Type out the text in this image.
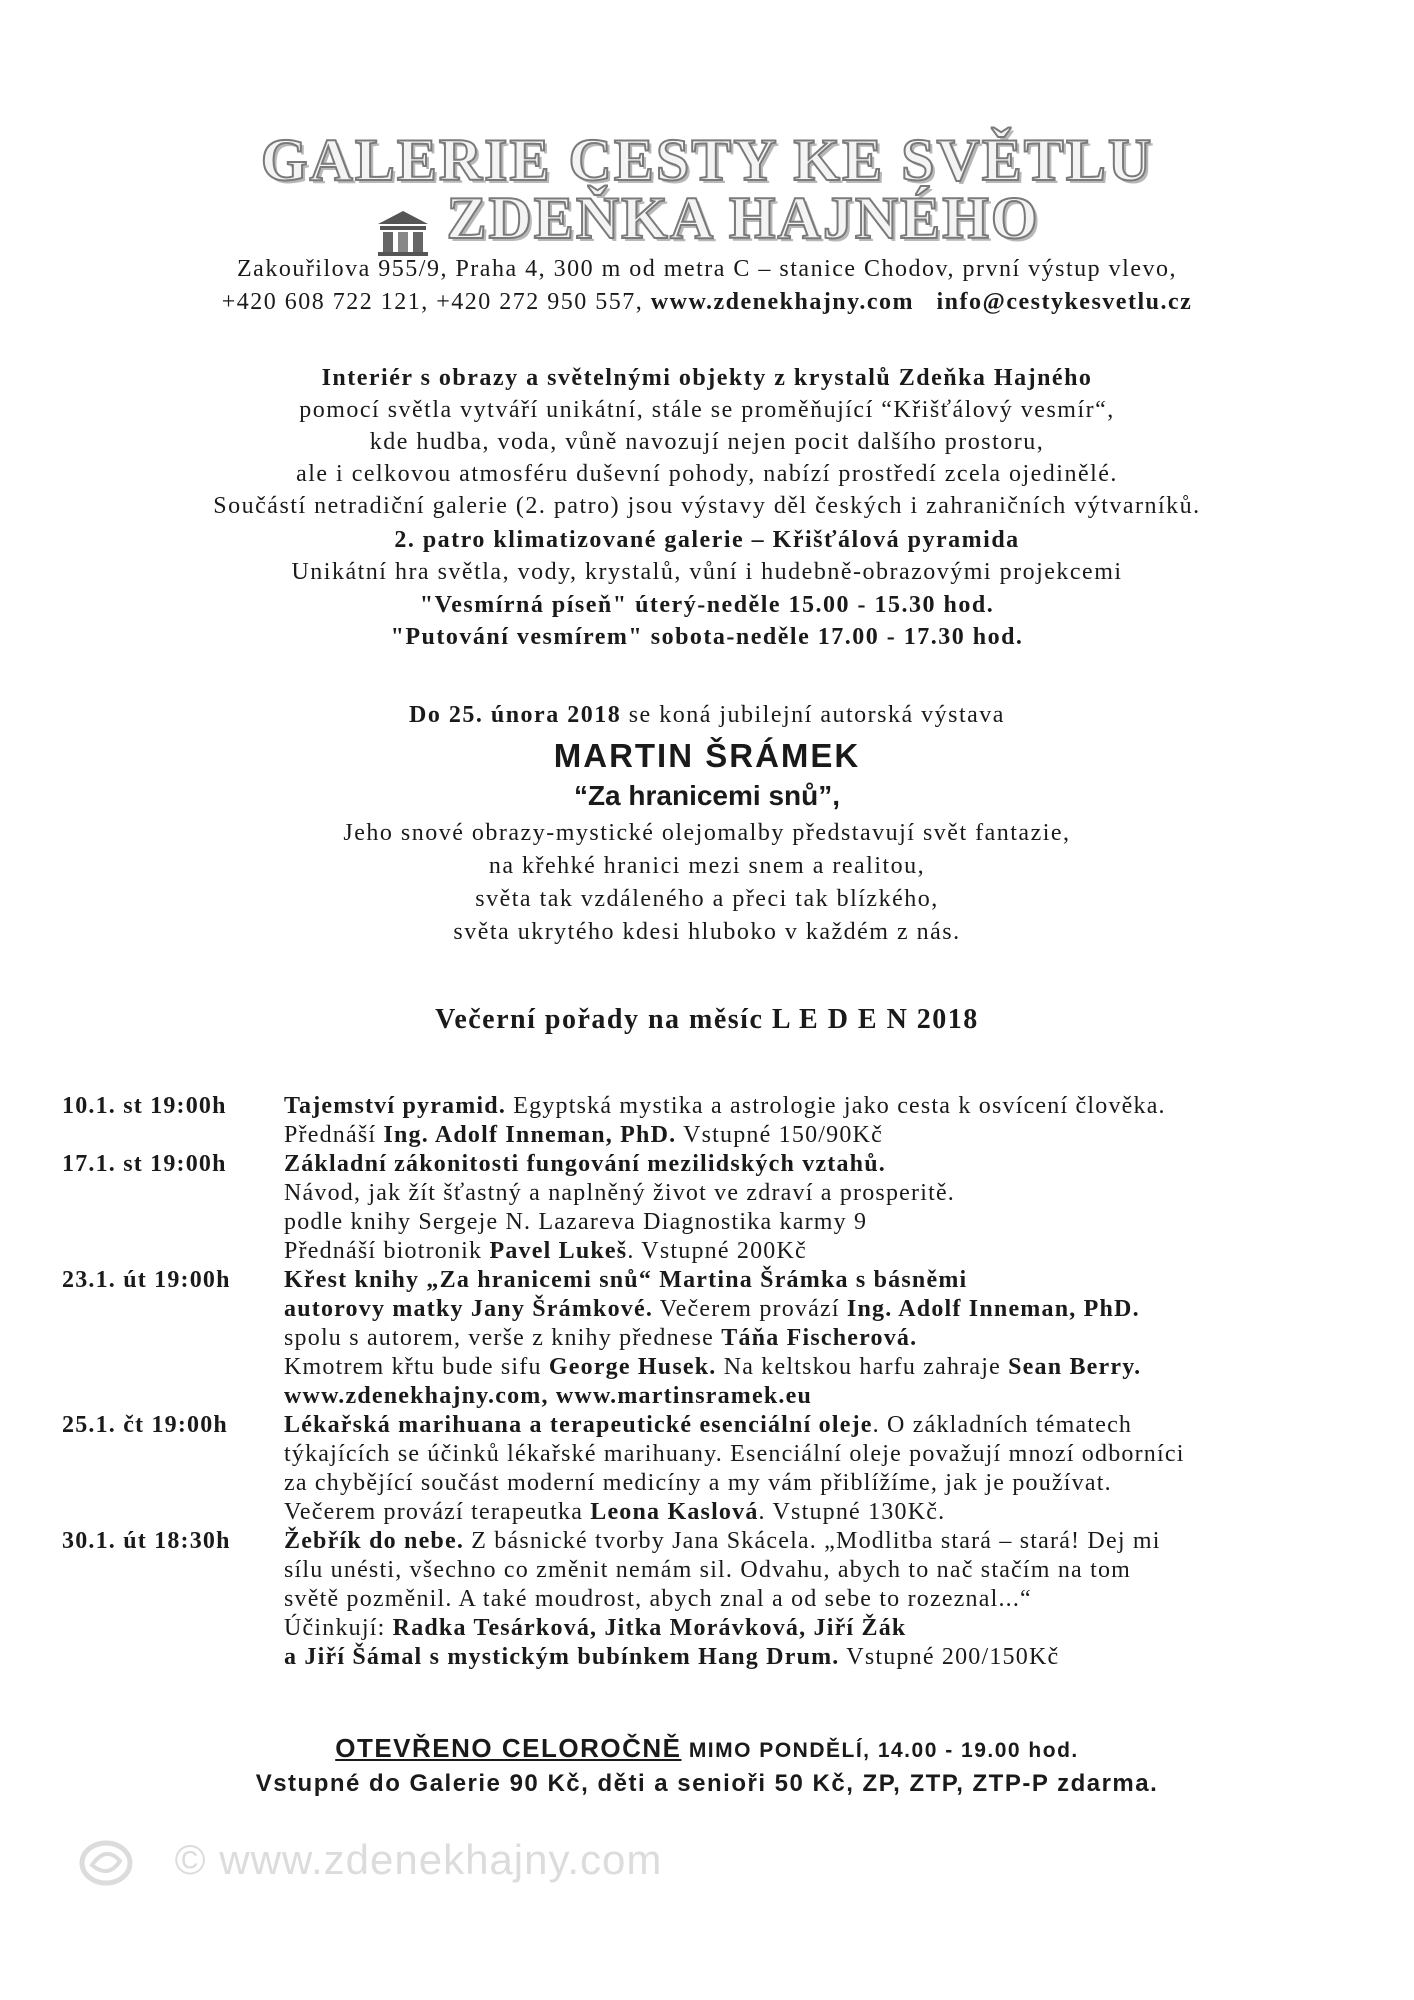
GALERIE CESTY KE SVĚTLU
ZDEŇKA HAJNÉHO
Zakouřilova 955/9, Praha 4, 300 m od metra C – stanice Chodov, první výstup vlevo,
+420 608 722 121, +420 272 950 557, www.zdenekhajny.com info@cestykesvetlu.cz
Interiér s obrazy a světelnými objekty z krystalů Zdeňka Hajného
pomocí světla vytváří unikátní, stále se proměňující “Křišťálový vesmír“,
kde hudba, voda, vůně navozují nejen pocit dalšího prostoru,
ale i celkovou atmosféru duševní pohody, nabízí prostředí zcela ojedinělé.
Součástí netradiční galerie (2. patro) jsou výstavy děl českých i zahraničních výtvarníků.
2. patro klimatizované galerie – Křišťálová pyramida
Unikátní hra světla, vody, krystalů, vůní i hudebně-obrazovými projekcemi
"Vesmírná píseň" úterý-neděle 15.00 - 15.30 hod.
"Putování vesmírem" sobota-neděle 17.00 - 17.30 hod.
Do 25. února 2018 se koná jubilejní autorská výstava
MARTIN ŠRÁMEK
“Za hranicemi snů”,
Jeho snové obrazy-mystické olejomalby představují svět fantazie,
na křehké hranici mezi snem a realitou,
světa tak vzdáleného a přeci tak blízkého,
světa ukrytého kdesi hluboko v každém z nás.
Večerní pořady na měsíc L E D E N 2018
10.1. st 19:00h	Tajemství pyramid. Egyptská mystika a astrologie jako cesta k osvícení člověka.
Přednáší Ing. Adolf Inneman, PhD. Vstupné 150/90Kč
17.1. st 19:00h	Základní zákonitosti fungování mezilidských vztahů.
Návod, jak žít šťastný a naplněný život ve zdraví a prosperitě.
podle knihy Sergeje N. Lazareva Diagnostika karmy 9
Přednáší biotronik Pavel Lukeš. Vstupné 200Kč
23.1. út 19:00h	Křest knihy „Za hranicemi snů“ Martina Šrámka s básněmi
autorovy matky Jany Šrámkové. Večerem provází Ing. Adolf Inneman, PhD.
spolu s autorem, verše z knihy přednese Táňa Fischerová.
Kmotrem křtu bude sifu George Husek. Na keltskou harfu zahraje Sean Berry.
www.zdenekhajny.com, www.martinsramek.eu
25.1. čt 19:00h	Lékařská marihuana a terapeutické esenciální oleje. O základních tématech
týkajících se účinků lékařské marihuany. Esenciální oleje považují mnozí odborníci
za chybějící součást moderní medicíny a my vám přiblížíme, jak je používat.
Večerem provází terapeutka Leona Kaslová. Vstupné 130Kč.
30.1. út 18:30h	Žebřík do nebe. Z básnické tvorby Jana Skácela. „Modlitba stará – stará! Dej mi
sílu unésti, všechno co změnit nemám sil. Odvahu, abych to nač stačím na tom
světě pozměnil. A také moudrost, abych znal a od sebe to rozeznal...“
Účinkují: Radka Tesárková, Jitka Morávková, Jiří Žák
a Jiří Šámal s mystickým bubínkem Hang Drum. Vstupné 200/150Kč
OTEVŘENO CELOROČNĚ MIMO PONDĚLÍ, 14.00 - 19.00 hod.
Vstupné do Galerie 90 Kč, děti a senioři 50 Kč, ZP, ZTP, ZTP-P zdarma.
© www.zdenekhajny.com
